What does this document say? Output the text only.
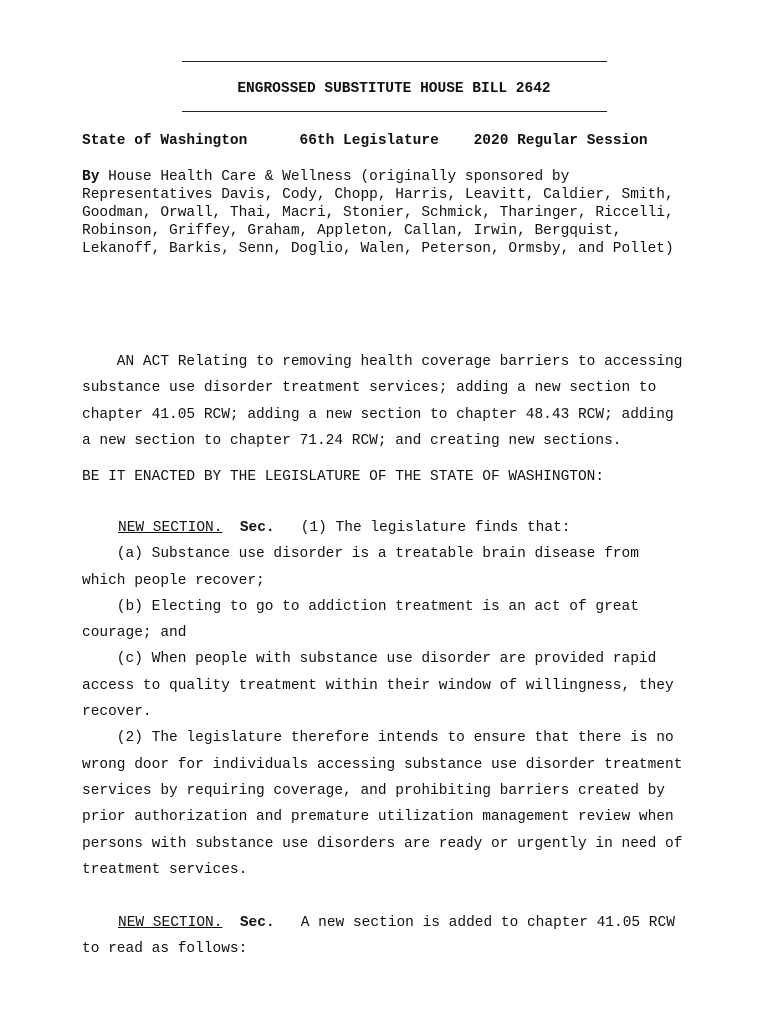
ENGROSSED SUBSTITUTE HOUSE BILL 2642
State of Washington	66th Legislature 2020 Regular Session
By House Health Care & Wellness (originally sponsored by
Representatives Davis, Cody, Chopp, Harris, Leavitt, Caldier, Smith,
Goodman, Orwall, Thai, Macri, Stonier, Schmick, Tharinger, Riccelli,
Robinson, Griffey, Graham, Appleton, Callan, Irwin, Bergquist,
Lekanoff, Barkis, Senn, Doglio, Walen, Peterson, Ormsby, and Pollet)
AN ACT Relating to removing health coverage barriers to accessing
substance use disorder treatment services; adding a new section to
chapter 41.05 RCW; adding a new section to chapter 48.43 RCW; adding
a new section to chapter 71.24 RCW; and creating new sections.
BE IT ENACTED BY THE LEGISLATURE OF THE STATE OF WASHINGTON:
NEW SECTION. Sec.   (1) The legislature finds that:
(a) Substance use disorder is a treatable brain disease from
which people recover;
(b) Electing to go to addiction treatment is an act of great
courage; and
(c) When people with substance use disorder are provided rapid
access to quality treatment within their window of willingness, they
recover.
(2) The legislature therefore intends to ensure that there is no
wrong door for individuals accessing substance use disorder treatment
services by requiring coverage, and prohibiting barriers created by
prior authorization and premature utilization management review when
persons with substance use disorders are ready or urgently in need of
treatment services.
NEW SECTION. Sec.   A new section is added to chapter 41.05 RCW
to read as follows:
